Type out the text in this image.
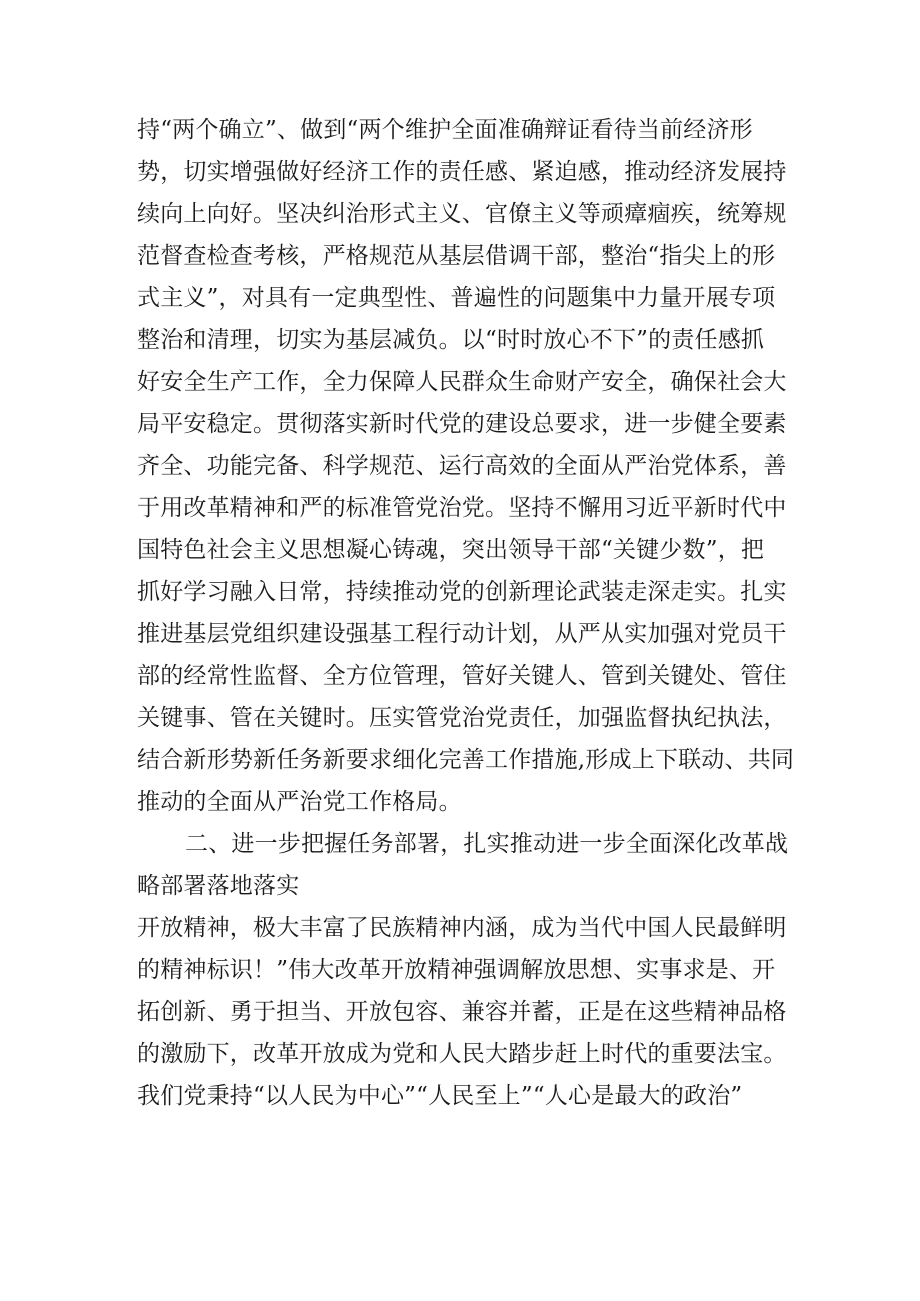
持“两个确立”、做到“两个维护全面准确辩证看待当前经济形
势，切实增强做好经济工作的责任感、紧迫感，推动经济发展持
续向上向好。坚决纠治形式主义、官僚主义等顽瘴痼疾，统筹规
范督查检查考核，严格规范从基层借调干部，整治“指尖上的形
式主义”，对具有一定典型性、普遍性的问题集中力量开展专项
整治和清理，切实为基层减负。以“时时放心不下”的责任感抓
好安全生产工作，全力保障人民群众生命财产安全，确保社会大
局平安稳定。贯彻落实新时代党的建设总要求，进一步健全要素
齐全、功能完备、科学规范、运行高效的全面从严治党体系，善
于用改革精神和严的标准管党治党。坚持不懈用习近平新时代中
国特色社会主义思想凝心铸魂，突出领导干部“关键少数”，把
抓好学习融入日常，持续推动党的创新理论武装走深走实。扎实
推进基层党组织建设强基工程行动计划，从严从实加强对党员干
部的经常性监督、全方位管理，管好关键人、管到关键处、管住
关键事、管在关键时。压实管党治党责任，加强监督执纪执法，
结合新形势新任务新要求细化完善工作措施,形成上下联动、共同
推动的全面从严治党工作格局。
二、进一步把握任务部署，扎实推动进一步全面深化改革战
略部署落地落实
开放精神，极大丰富了民族精神内涵，成为当代中国人民最鲜明
的精神标识！”伟大改革开放精神强调解放思想、实事求是、开
拓创新、勇于担当、开放包容、兼容并蓄，正是在这些精神品格
的激励下，改革开放成为党和人民大踏步赶上时代的重要法宝。
我们党秉持“以人民为中心”“人民至上”“人心是最大的政治”
